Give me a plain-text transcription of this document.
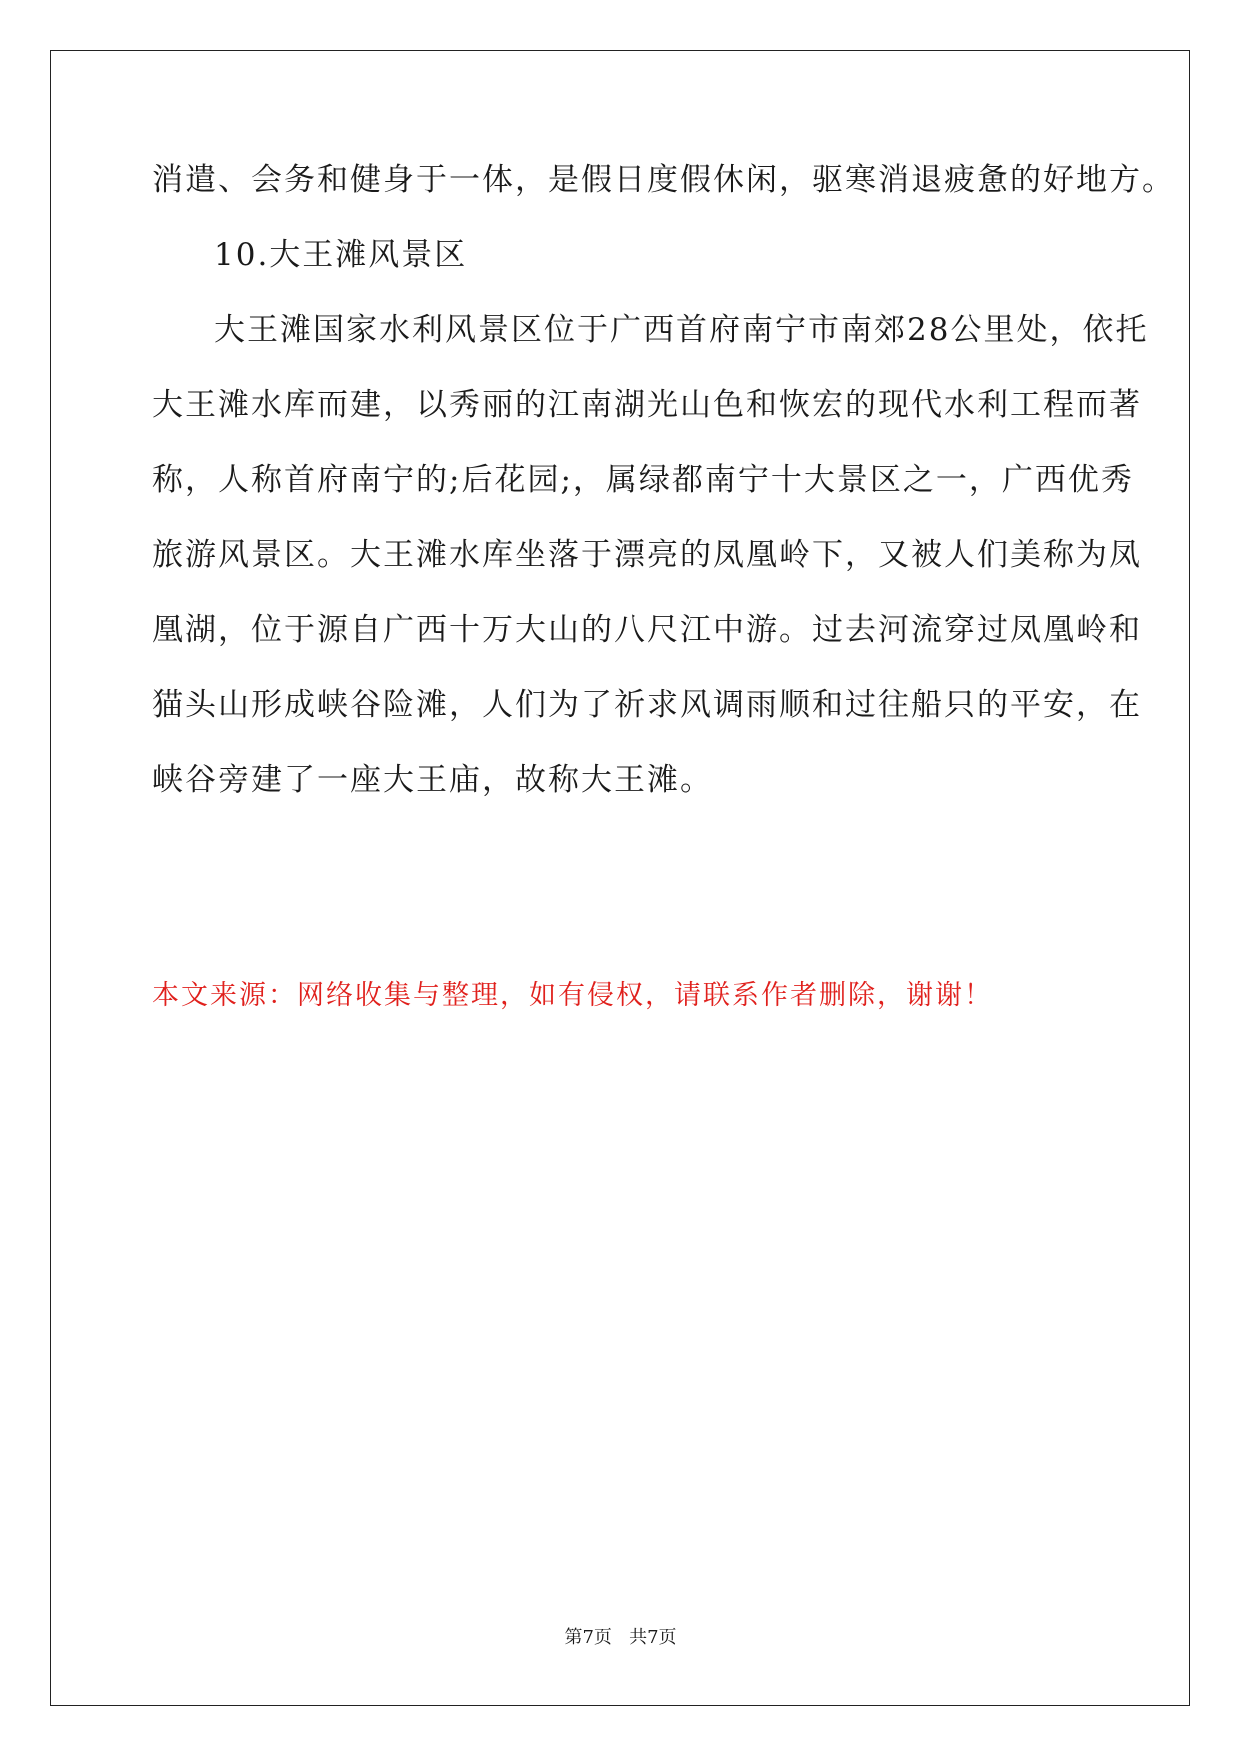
消遣、会务和健身于一体，是假日度假休闲，驱寒消退疲惫的好地方。
10.大王滩风景区
大王滩国家水利风景区位于广西首府南宁市南郊28公里处，依托
大王滩水库而建，以秀丽的江南湖光山色和恢宏的现代水利工程而著
称，人称首府南宁的;后花园;，属绿都南宁十大景区之一，广西优秀
旅游风景区。大王滩水库坐落于漂亮的凤凰岭下，又被人们美称为凤
凰湖，位于源自广西十万大山的八尺江中游。过去河流穿过凤凰岭和
猫头山形成峡谷险滩，人们为了祈求风调雨顺和过往船只的平安，在
峡谷旁建了一座大王庙，故称大王滩。
本文来源：网络收集与整理，如有侵权，请联系作者删除，谢谢！
第7页   共7页
